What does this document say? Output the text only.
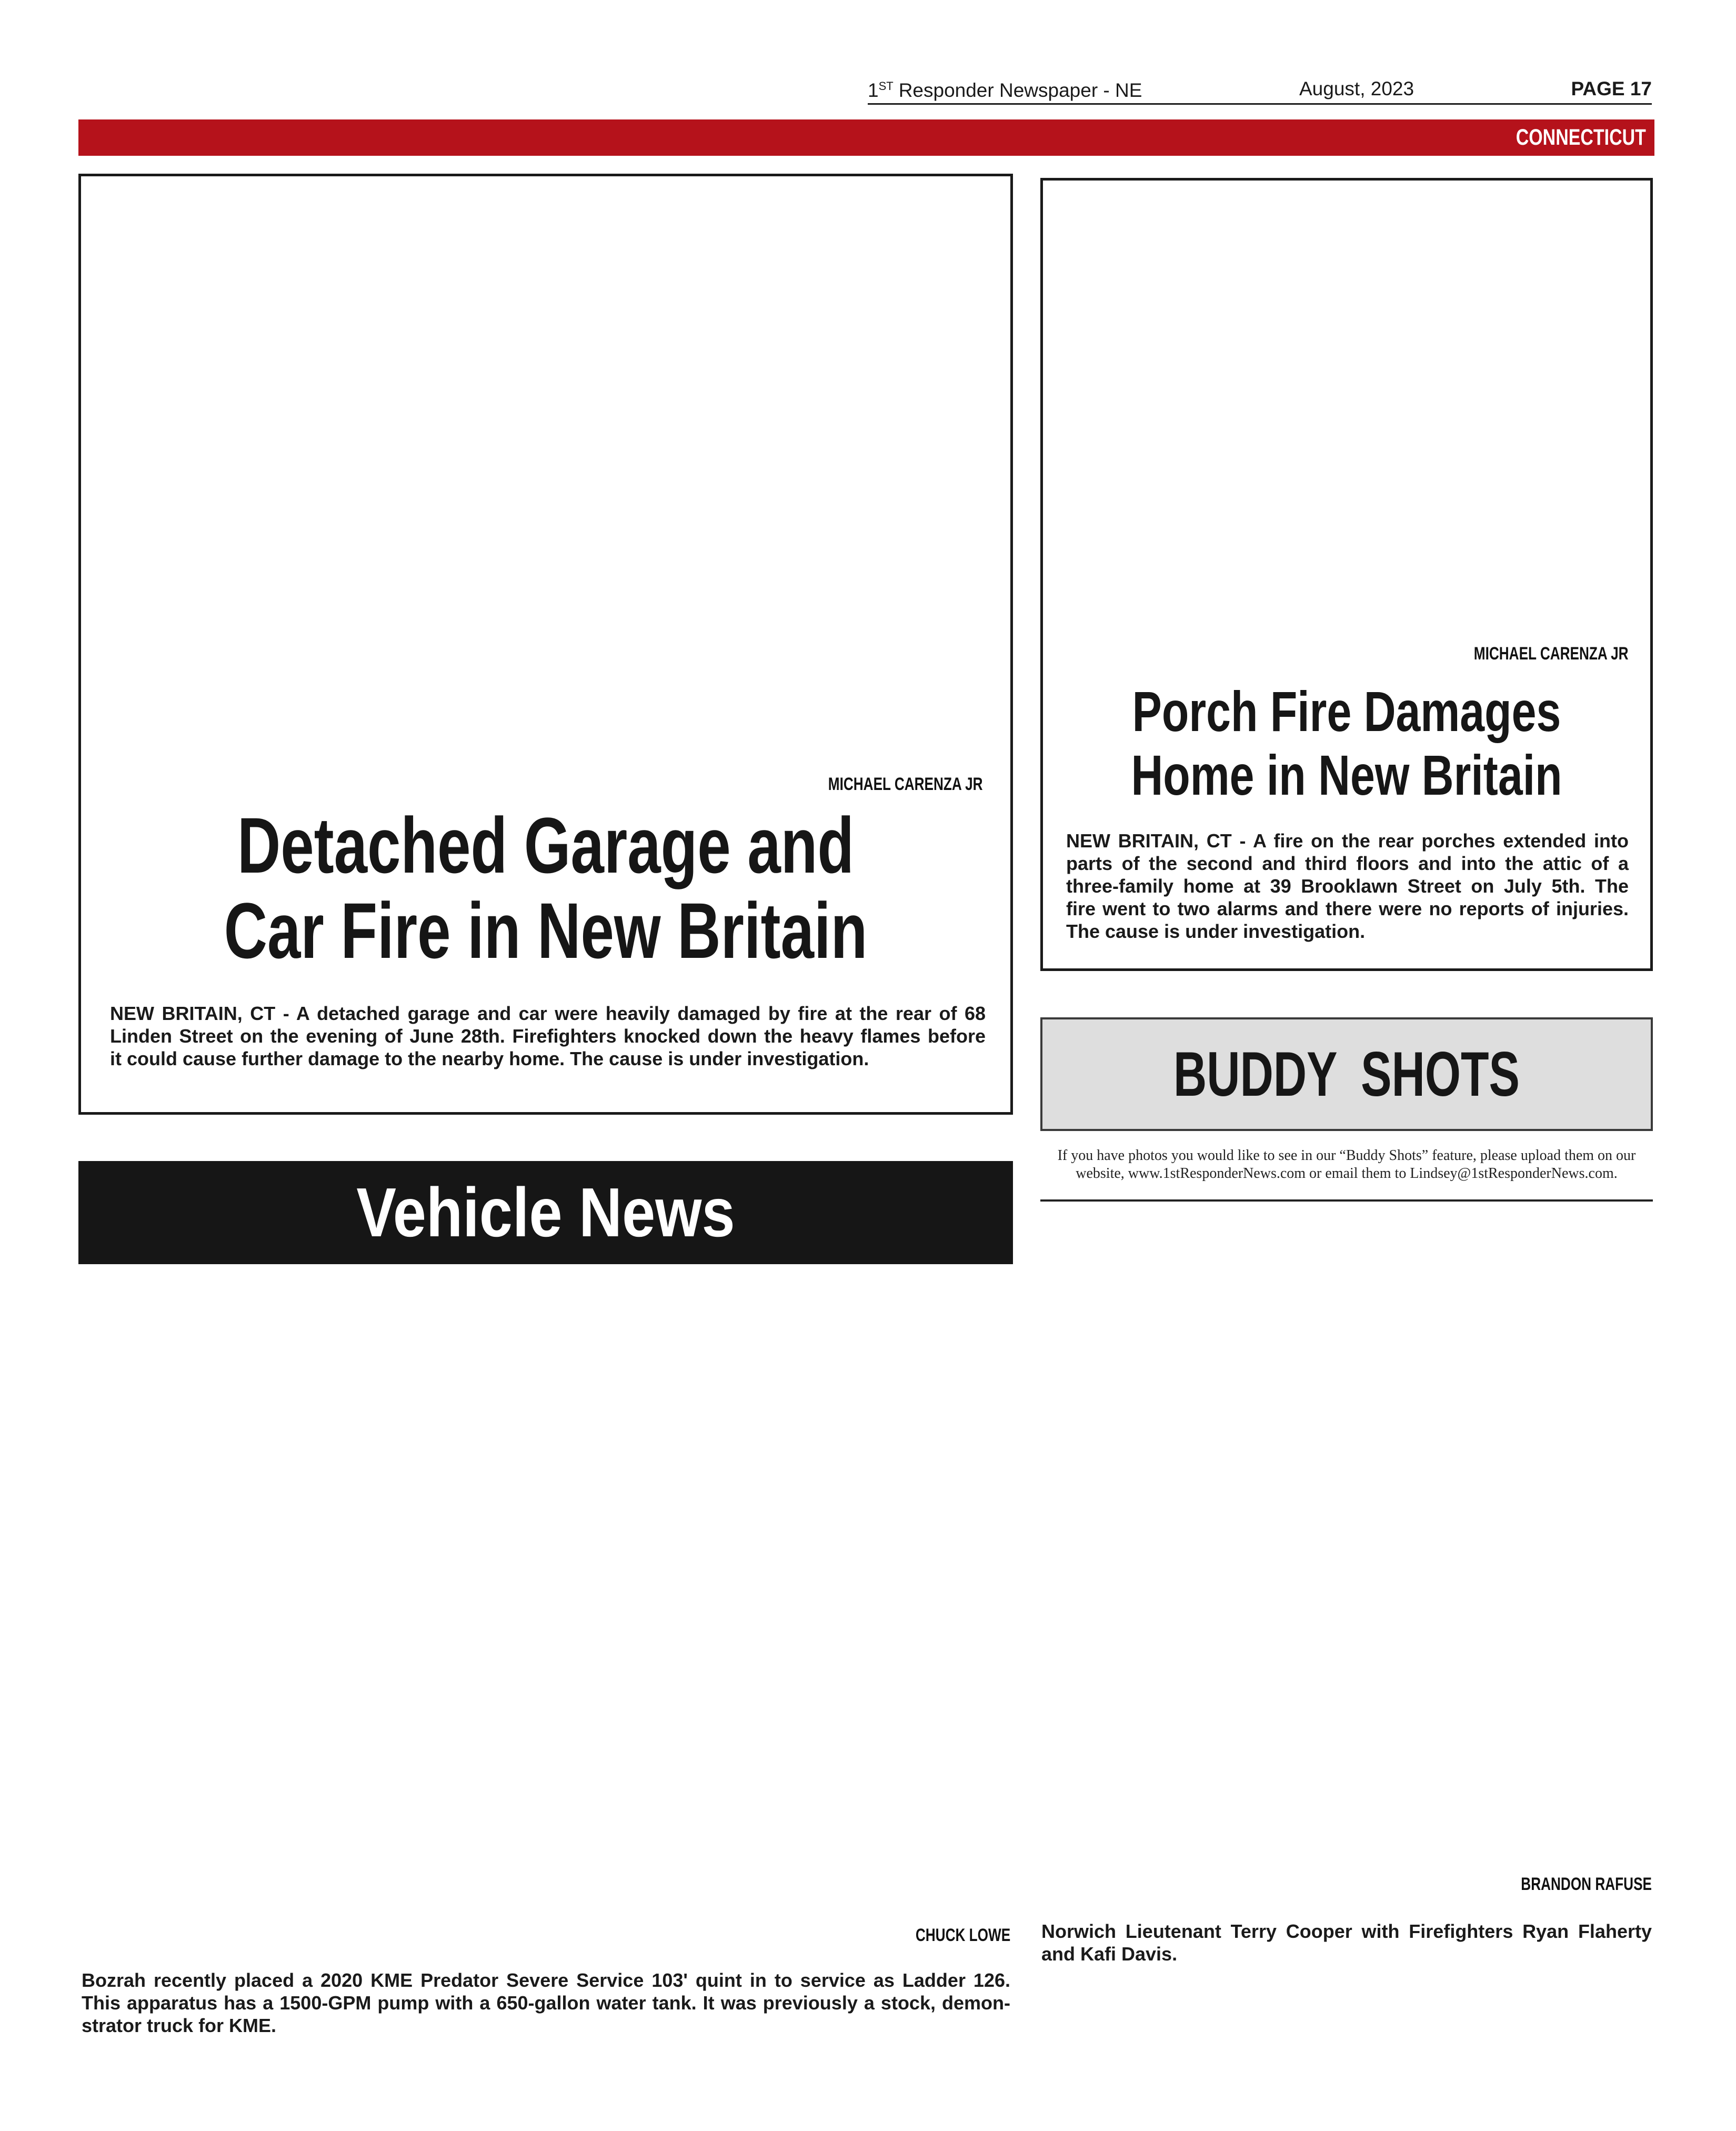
1ST Responder Newspaper - NE	August, 2023	PAGE 17
CONNECTICUT
MICHAEL CARENZA JR
Detached Garage and
Car Fire in New Britain
NEW BRITAIN, CT - A detached garage and car were heavily damaged by fire at the rear of 68
Linden Street on the evening of June 28th. Firefighters knocked down the heavy flames before
it could cause further damage to the nearby home. The cause is under investigation.
MICHAEL CARENZA JR
Porch Fire Damages
Home in New Britain
NEW BRITAIN, CT - A fire on the rear porches extended into
parts of the second and third floors and into the attic of a
three-family home at 39 Brooklawn Street on July 5th. The
fire went to two alarms and there were no reports of injuries.
The cause is under investigation.
BUDDY SHOTS
If you have photos you would like to see in our “Buddy Shots” feature, please upload them on our
website, www.1stResponderNews.com or email them to Lindsey@1stResponderNews.com.
BRANDON RAFUSE
Norwich Lieutenant Terry Cooper with Firefighters Ryan Flaherty
and Kafi Davis.
Vehicle News
CHUCK LOWE
Bozrah recently placed a 2020 KME Predator Severe Service 103' quint in to service as Ladder 126.
This apparatus has a 1500-GPM pump with a 650-gallon water tank. It was previously a stock, demon-
strator truck for KME.
